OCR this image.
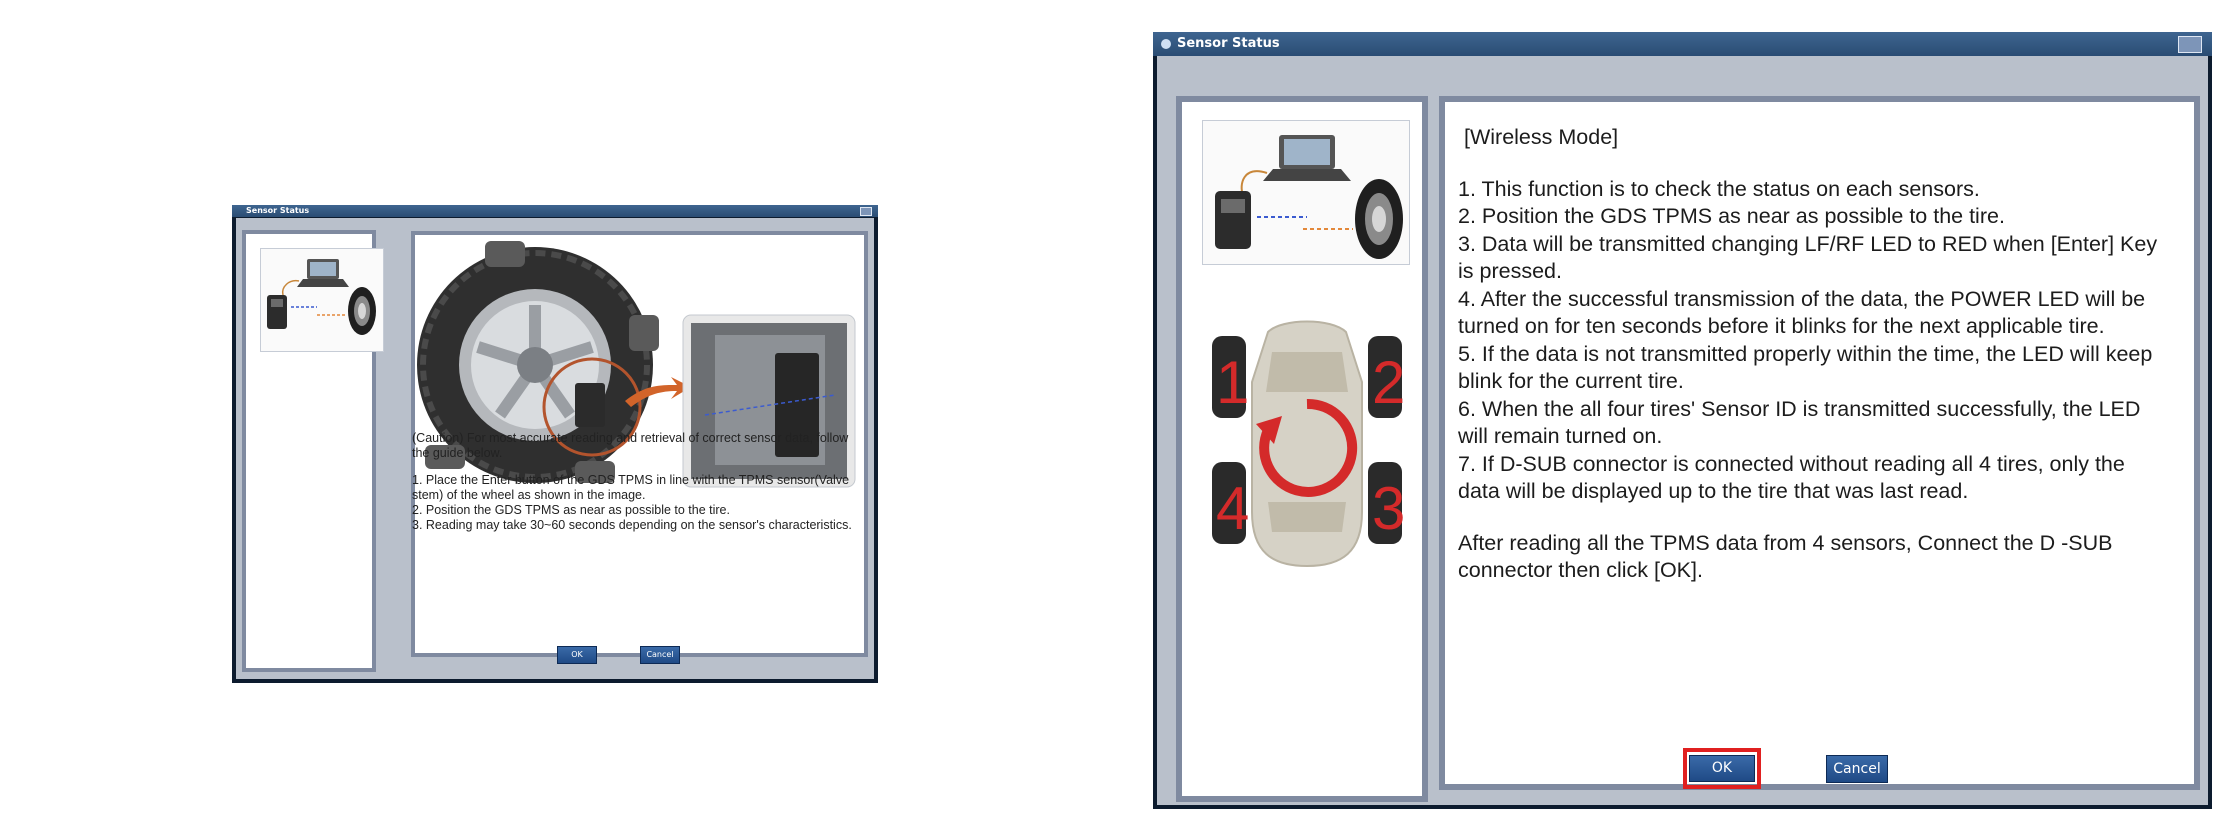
Sensor Status

(Caution) For most accurate reading and retrieval of correct sensor data, follow the guide below.

1. Place the Enter button of the GDS TPMS in line with the TPMS sensor(Valve stem) of the wheel as shown in the image.
2. Position the GDS TPMS as near as possible to the tire.
3. Reading may take 30~60 seconds depending on the sensor's characteristics.
OK	Cancel
Sensor Status
1 2
3
4
[Wireless Mode]
1. This function is to check the status on each sensors.
2. Position the GDS TPMS as near as possible to the tire.
3. Data will be transmitted changing LF/RF LED to RED when [Enter] Key is pressed.
4. After the successful transmission of the data, the POWER LED will be turned on for ten seconds before it blinks for the next applicable tire.
5. If the data is not transmitted properly within the time, the LED will keep blink for the current tire.
6. When the all four tires' Sensor ID is transmitted successfully, the LED will remain turned on.
7. If D-SUB connector is connected without reading all 4 tires, only the data will be displayed up to the tire that was last read.
After reading all the TPMS data from 4 sensors, Connect the D -SUB connector then click [OK].
OK	Cancel
